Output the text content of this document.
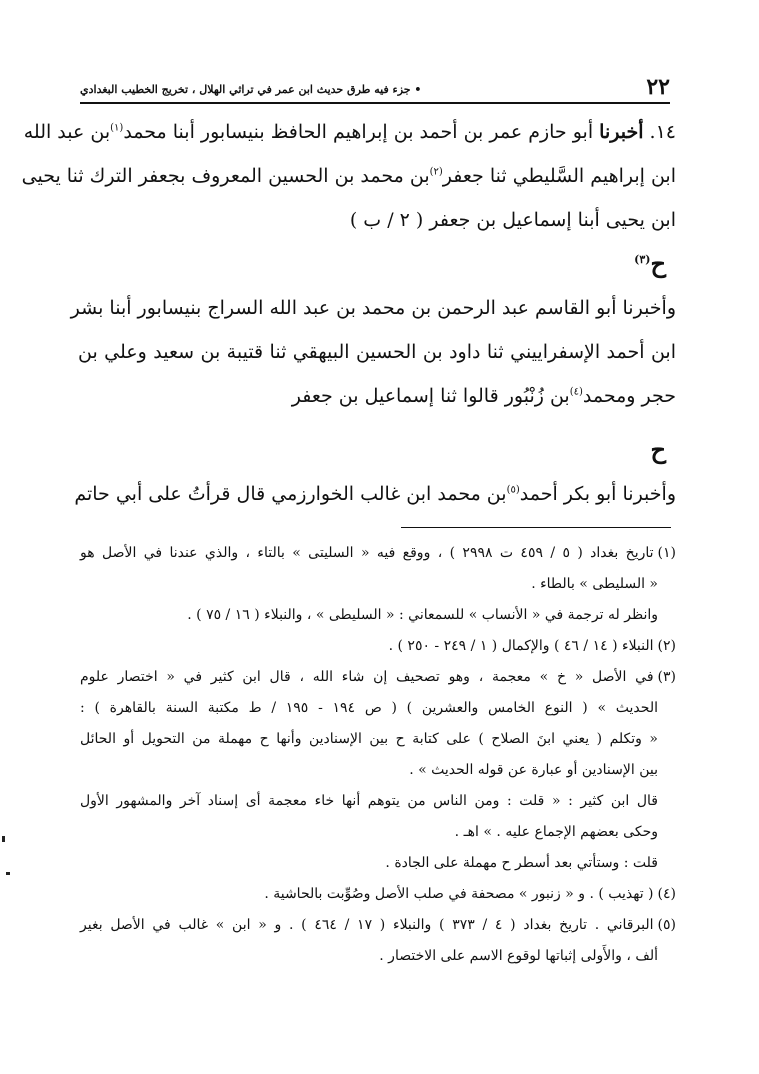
٢٢
• جزء فيه طرق حديث ابن عمر في تراثي الهلال ، تخريج الخطيب البغدادي
١٤. أخبرنا أبو حازم عمر بن أحمد بن إبراهيم الحافظ بنيسابور أبنا محمد$^{(١)}$بن عبد الله
ابن إبراهيم السَّليطي ثنا جعفر$^{(٢)}$بن محمد بن الحسين المعروف بجعفر الترك ثنا يحيى
ابن يحيى أبنا إسماعيل بن جعفر ( ٢ / ب )
ح$^{(٣)}$
وأخبرنا أبو القاسم عبد الرحمن بن محمد بن عبد الله السراج بنيسابور أبنا بشر
ابن أحمد الإسفراييني ثنا داود بن الحسين البيهقي ثنا قتيبة بن سعيد وعلي بن
حجر ومحمد$^{(٤)}$بن زُنْبُور قالوا ثنا إسماعيل بن جعفر
ح
وأخبرنا أبو بكر أحمد$^{(٥)}$بن محمد ابن غالب الخوارزمي قال قرأتُ على أبي حاتم
(١)تاريخ بغداد ( ٥ / ٤٥٩ ت ٢٩٩٨ ) ، ووقع فيه « السليتى » بالتاء ، والذي عندنا في الأصل هو
« السليطى » بالطاء .
وانظر له ترجمة في « الأنساب » للسمعاني : « السليطى » ، والنبلاء ( ١٦ / ٧٥ ) .
(٢)النبلاء ( ١٤ / ٤٦ ) والإكمال ( ١ / ٢٤٩ - ٢٥٠ ) .
(٣)في الأصل « خ » معجمة ، وهو تصحيف إن شاء الله ، قال ابن كثير في « اختصار علوم
الحديث » ( النوع الخامس والعشرين ) ( ص ١٩٤ - ١٩٥ / ط مكتبة السنة بالقاهرة ) :
« وتكلم ( يعني ابنَ الصلاح ) على كتابة ح بين الإسنادين وأنها ح مهملة من التحويل أو الحائل
بين الإسنادين أو عبارة عن قوله الحديث » .
قال ابن كثير : « قلت : ومن الناس من يتوهم أنها خاء معجمة أى إسناد آخر والمشهور الأول
وحكى بعضهم الإجماع عليه . » اهـ .
قلت : وستأتي بعد أسطر ح مهملة على الجادة .
(٤)( تهذيب ) . و « زنبور » مصحفة في صلب الأصل وصُوِّبت بالحاشية .
(٥)البرقاني . تاريخ بغداد ( ٤ / ٣٧٣ ) والنبلاء ( ١٧ / ٤٦٤ ) . و « ابن » غالب في الأصل بغير
ألف ، والأَولى إثباتها لوقوع الاسم على الاختصار .
